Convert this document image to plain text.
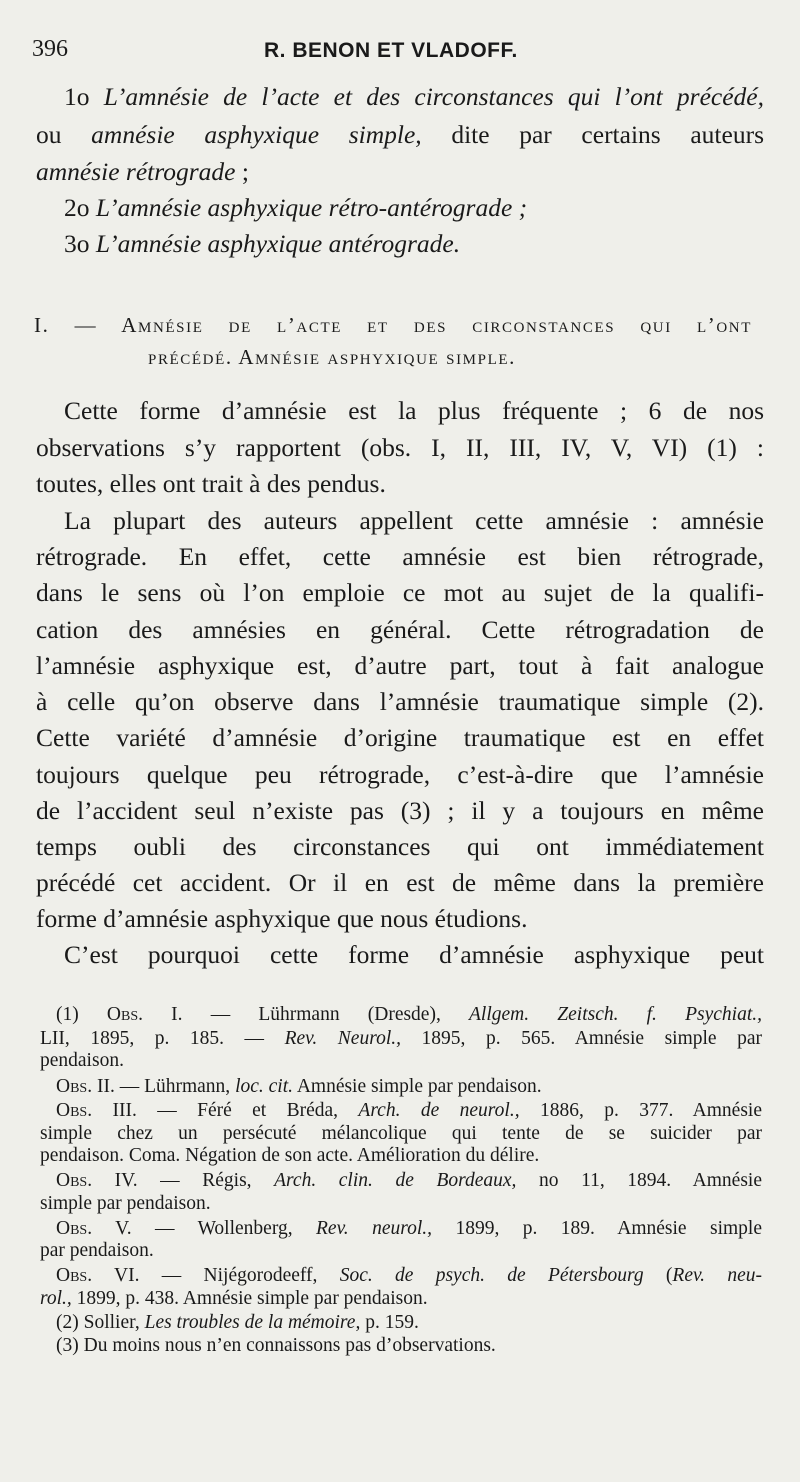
396	R. BENON ET VLADOFF.
1o L’amnésie de l’acte et des circonstances qui l’ont précédé,
ou amnésie asphyxique simple, dite par certains auteurs
amnésie rétrograde ;
2o L’amnésie asphyxique rétro-antérograde ;
3o L’amnésie asphyxique antérograde.
I. — Amnésie de l’acte et des circonstances qui l’ont
précédé. Amnésie asphyxique simple.
Cette forme d’amnésie est la plus fréquente ; 6 de nos
observations s’y rapportent (obs. I, II, III, IV, V, VI) (1) :
toutes, elles ont trait à des pendus.
La plupart des auteurs appellent cette amnésie : amnésie
rétrograde. En effet, cette amnésie est bien rétrograde,
dans le sens où l’on emploie ce mot au sujet de la qualifi-
cation des amnésies en général. Cette rétrogradation de
l’amnésie asphyxique est, d’autre part, tout à fait analogue
à celle qu’on observe dans l’amnésie traumatique simple (2).
Cette variété d’amnésie d’origine traumatique est en effet
toujours quelque peu rétrograde, c’est-à-dire que l’amnésie
de l’accident seul n’existe pas (3) ; il y a toujours en même
temps oubli des circonstances qui ont immédiatement
précédé cet accident. Or il en est de même dans la première
forme d’amnésie asphyxique que nous étudions.
C’est pourquoi cette forme d’amnésie asphyxique peut
(1) Obs. I. — Lührmann (Dresde), Allgem. Zeitsch. f. Psychiat.,
LII, 1895, p. 185. — Rev. Neurol., 1895, p. 565. Amnésie simple par
pendaison.
Obs. II. — Lührmann, loc. cit. Amnésie simple par pendaison.
Obs. III. — Féré et Bréda, Arch. de neurol., 1886, p. 377. Amnésie
simple chez un persécuté mélancolique qui tente de se suicider par
pendaison. Coma. Négation de son acte. Amélioration du délire.
Obs. IV. — Régis, Arch. clin. de Bordeaux, no 11, 1894. Amnésie
simple par pendaison.
Obs. V. — Wollenberg, Rev. neurol., 1899, p. 189. Amnésie simple
par pendaison.
Obs. VI. — Nijégorodeeff, Soc. de psych. de Pétersbourg (Rev. neu-
rol., 1899, p. 438. Amnésie simple par pendaison.
(2) Sollier, Les troubles de la mémoire, p. 159.
(3) Du moins nous n’en connaissons pas d’observations.
